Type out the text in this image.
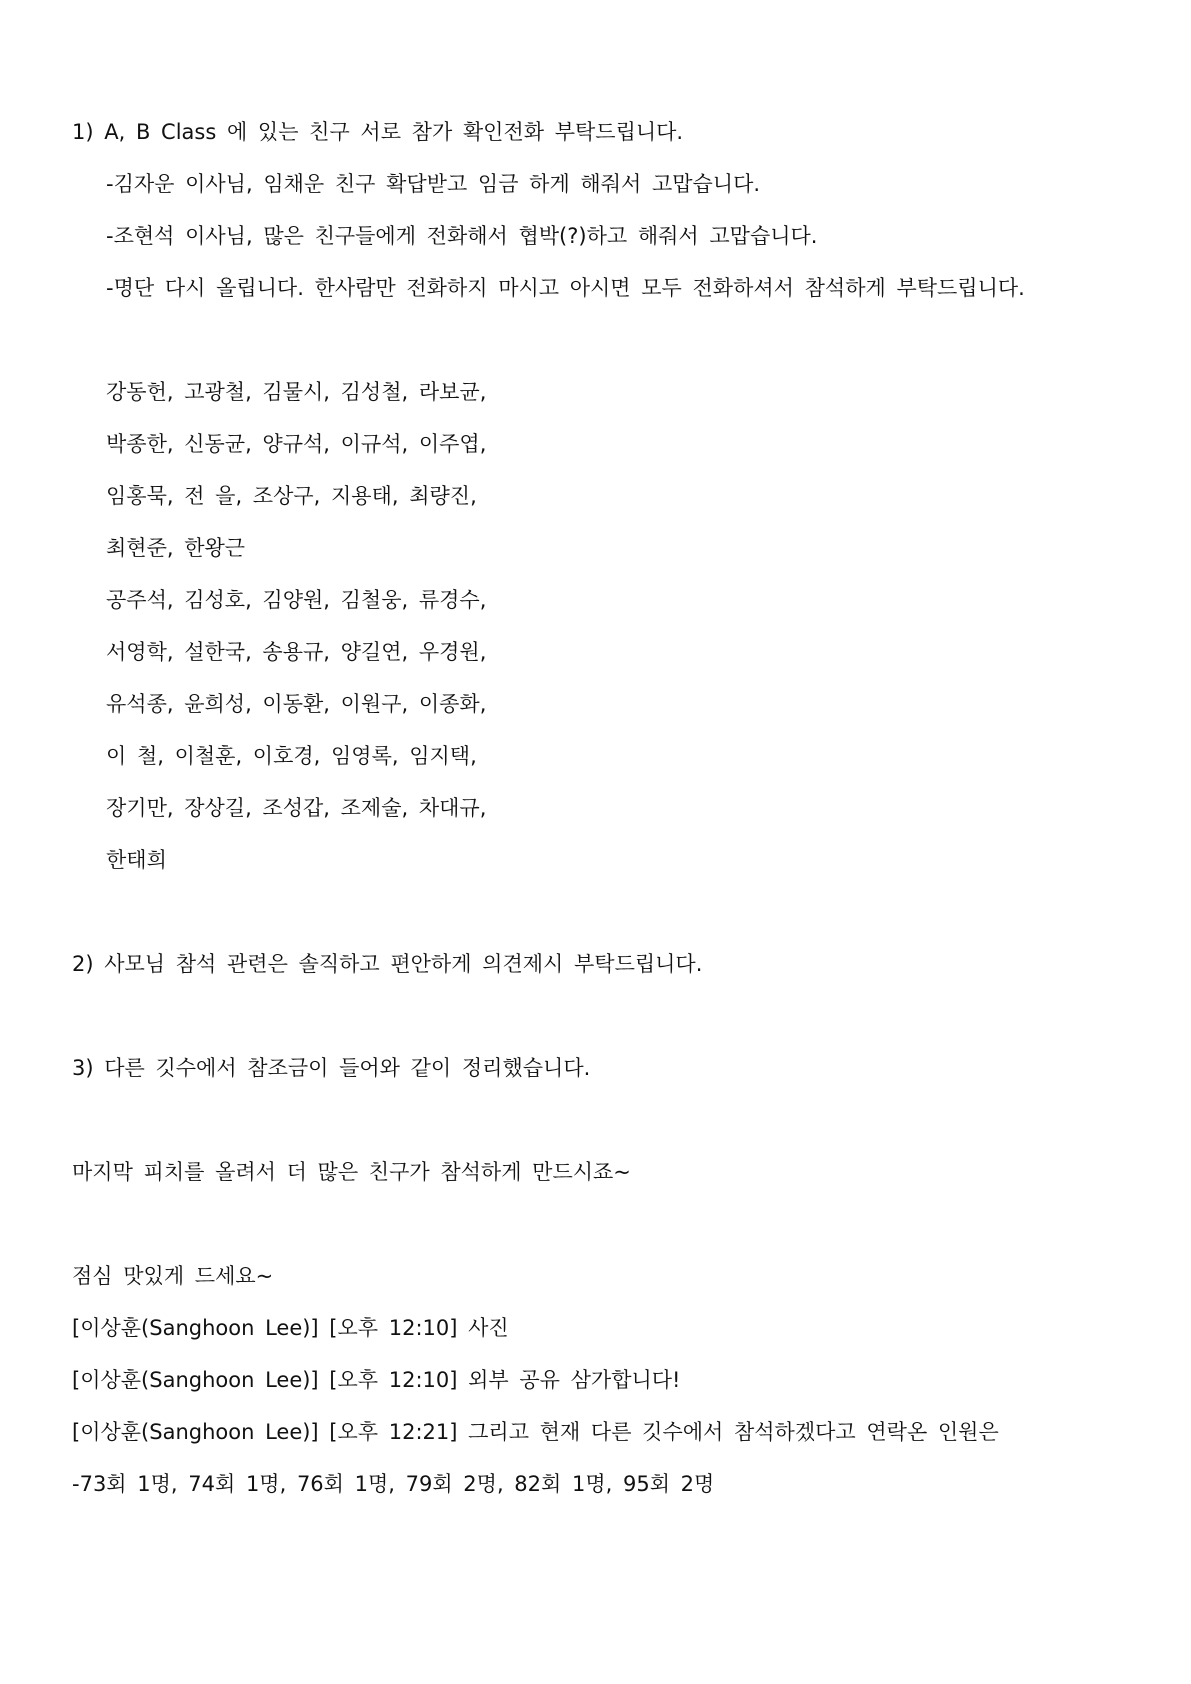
1) A, B Class 에 있는 친구 서로 참가 확인전화 부탁드립니다.
-김자운 이사님, 임채운 친구 확답받고 임금 하게 해줘서 고맙습니다.
-조현석 이사님, 많은 친구들에게 전화해서 협박(?)하고 해줘서 고맙습니다.
-명단 다시 올립니다. 한사람만 전화하지 마시고 아시면 모두 전화하셔서 참석하게 부탁드립니다.
강동헌, 고광철, 김물시, 김성철, 라보균,
박종한, 신동균, 양규석, 이규석, 이주엽,
임홍묵, 전 을, 조상구, 지용태, 최량진,
최현준, 한왕근
공주석, 김성호, 김양원, 김철웅, 류경수,
서영학, 설한국, 송용규, 양길연, 우경원,
유석종, 윤희성, 이동환, 이원구, 이종화,
이 철, 이철훈, 이호경, 임영록, 임지택,
장기만, 장상길, 조성갑, 조제술, 차대규,
한태희
2) 사모님 참석 관련은 솔직하고 편안하게 의견제시 부탁드립니다.
3) 다른 깃수에서 참조금이 들어와 같이 정리했습니다.
마지막 피치를 올려서 더 많은 친구가 참석하게 만드시죠~
점심 맛있게 드세요~
[이상훈(Sanghoon Lee)] [오후 12:10] 사진
[이상훈(Sanghoon Lee)] [오후 12:10] 외부 공유 삼가합니다!
[이상훈(Sanghoon Lee)] [오후 12:21] 그리고 현재 다른 깃수에서 참석하겠다고 연락온 인원은
-73회 1명, 74회 1명, 76회 1명, 79회 2명, 82회 1명, 95회 2명
